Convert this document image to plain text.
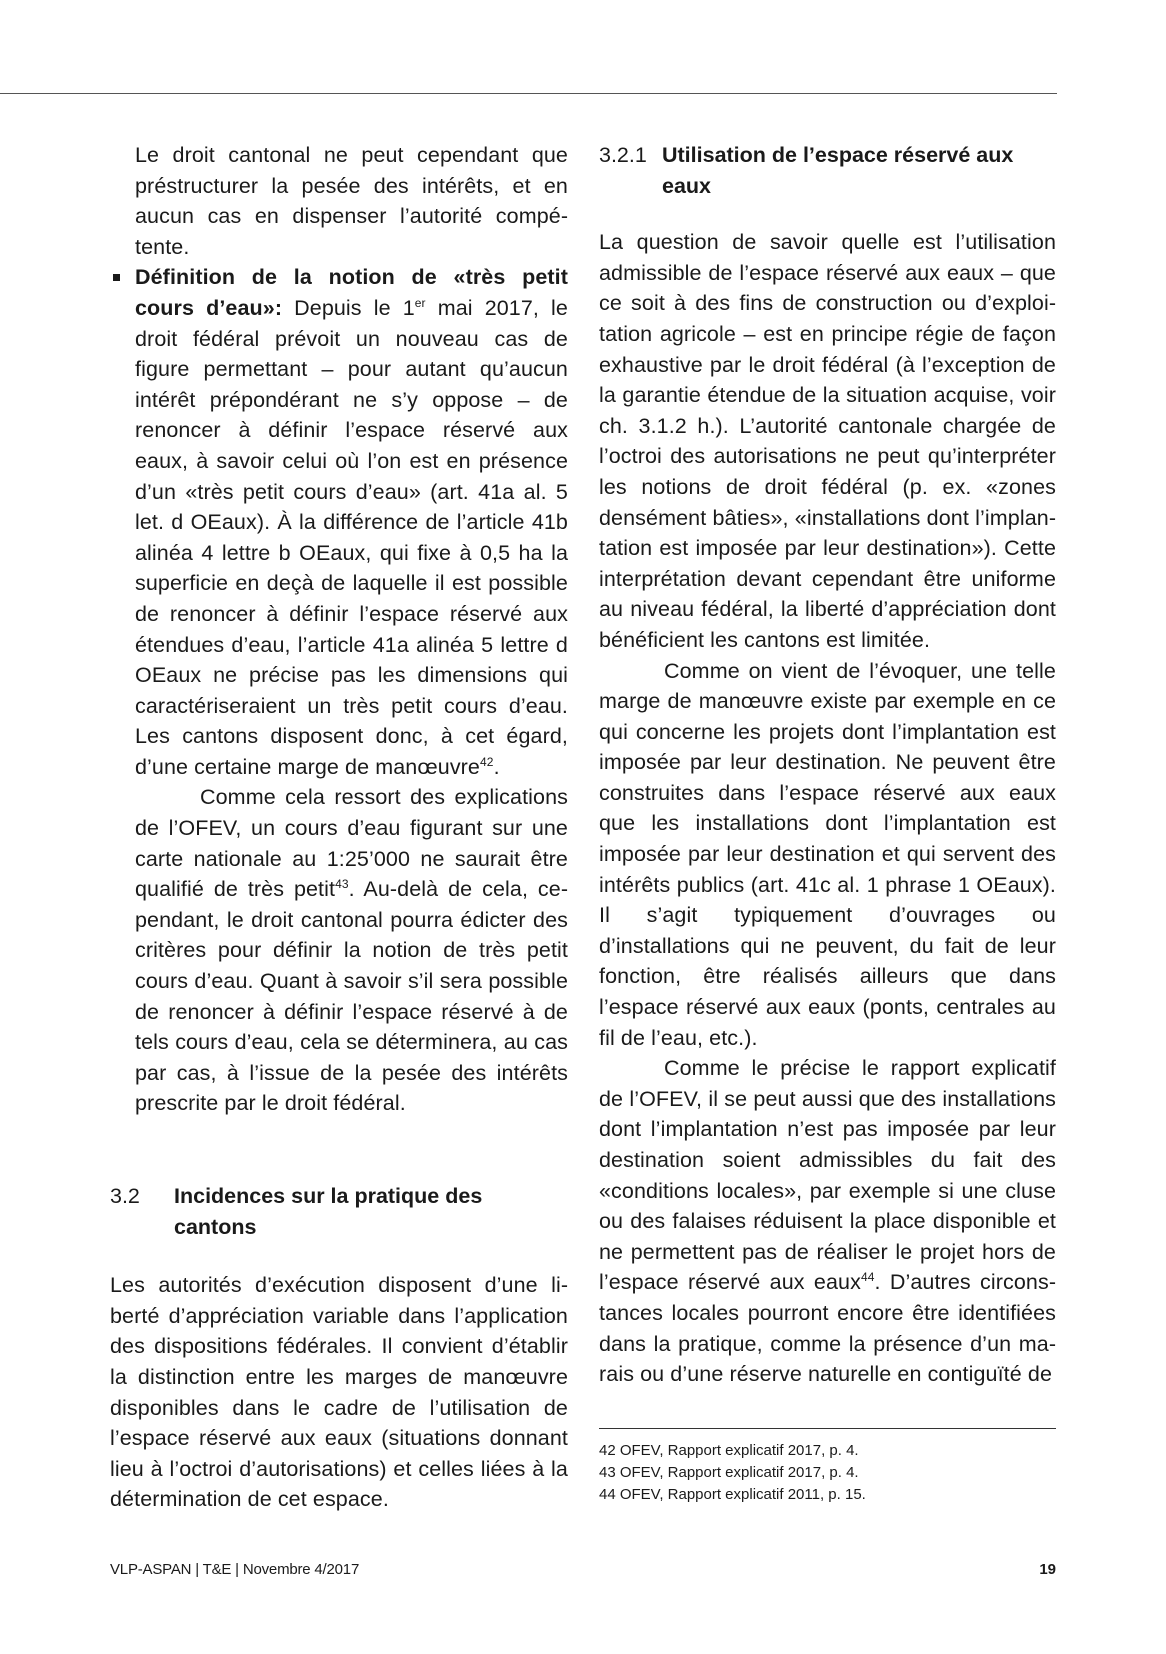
Le droit cantonal ne peut cependant que préstructurer la pesée des intérêts, et en aucun cas en dispenser l’autorité compétente.

Définition de la notion de «très petit cours d’eau»: Depuis le 1er mai 2017, le droit fédéral prévoit un nouveau cas de figure permettant – pour autant qu’aucun intérêt prépondérant ne s’y oppose – de renoncer à définir l’espace réservé aux eaux, à savoir celui où l’on est en présence d’un «très petit cours d’eau» (art. 41a al. 5 let. d OEaux). À la différence de l’article 41b alinéa 4 lettre b OEaux, qui fixe à 0,5 ha la superficie en deçà de laquelle il est possible de renoncer à définir l’espace réservé aux étendues d’eau, l’article 41a alinéa 5 lettre d OEaux ne précise pas les dimensions qui caractériseraient un très petit cours d’eau. Les cantons disposent donc, à cet égard, d’une certaine marge de manœuvre$^{42}$.

Comme cela ressort des explications de l’OFEV, un cours d’eau figurant sur une carte nationale au 1:25’000 ne saurait être qualifié de très petit$^{43}$. Au-delà de cela, cependant, le droit cantonal pourra édicter des critères pour définir la notion de très petit cours d’eau. Quant à savoir s’il sera possible de renoncer à définir l’espace réservé à de tels cours d’eau, cela se déterminera, au cas par cas, à l’issue de la pesée des intérêts prescrite par le droit fédéral.

3.2	Incidences sur la pratique des cantons

Les autorités d’exécution disposent d’une liberté d’appréciation variable dans l’application des dispositions fédérales. Il convient d’établir la distinction entre les marges de manœuvre disponibles dans le cadre de l’utilisation de l’espace réservé aux eaux (situations donnant lieu à l’octroi d’autorisations) et celles liées à la détermination de cet espace.

3.2.1 Utilisation de l’espace réservé aux eaux

La question de savoir quelle est l’utilisation admissible de l’espace réservé aux eaux – que ce soit à des fins de construction ou d’exploitation agricole – est en principe régie de façon exhaustive par le droit fédéral (à l’exception de la garantie étendue de la situation acquise, voir ch. 3.1.2 h.). L’autorité cantonale chargée de l’octroi des autorisations ne peut qu’interpréter les notions de droit fédéral (p. ex. «zones densément bâties», «installations dont l’implantation est imposée par leur destination»). Cette interprétation devant cependant être uniforme au niveau fédéral, la liberté d’appréciation dont bénéficient les cantons est limitée.

Comme on vient de l’évoquer, une telle marge de manœuvre existe par exemple en ce qui concerne les projets dont l’implantation est imposée par leur destination. Ne peuvent être construites dans l’espace réservé aux eaux que les installations dont l’implantation est imposée par leur destination et qui servent des intérêts publics (art. 41c al. 1 phrase 1 OEaux). Il s’agit typiquement d’ouvrages ou d’installations qui ne peuvent, du fait de leur fonction, être réalisés ailleurs que dans l’espace réservé aux eaux (ponts, centrales au fil de l’eau, etc.).

Comme le précise le rapport explicatif de l’OFEV, il se peut aussi que des installations dont l’implantation n’est pas imposée par leur destination soient admissibles du fait des «conditions locales», par exemple si une cluse ou des falaises réduisent la place disponible et ne permettent pas de réaliser le projet hors de l’espace réservé aux eaux$^{44}$. D’autres circonstances locales pourront encore être identifiées dans la pratique, comme la présence d’un marais ou d’une réserve naturelle en contiguïté de

42 OFEV, Rapport explicatif 2017, p. 4.
43 OFEV, Rapport explicatif 2017, p. 4.
44 OFEV, Rapport explicatif 2011, p. 15.
VLP-ASPAN | T&E | Novembre 4/2017	19
